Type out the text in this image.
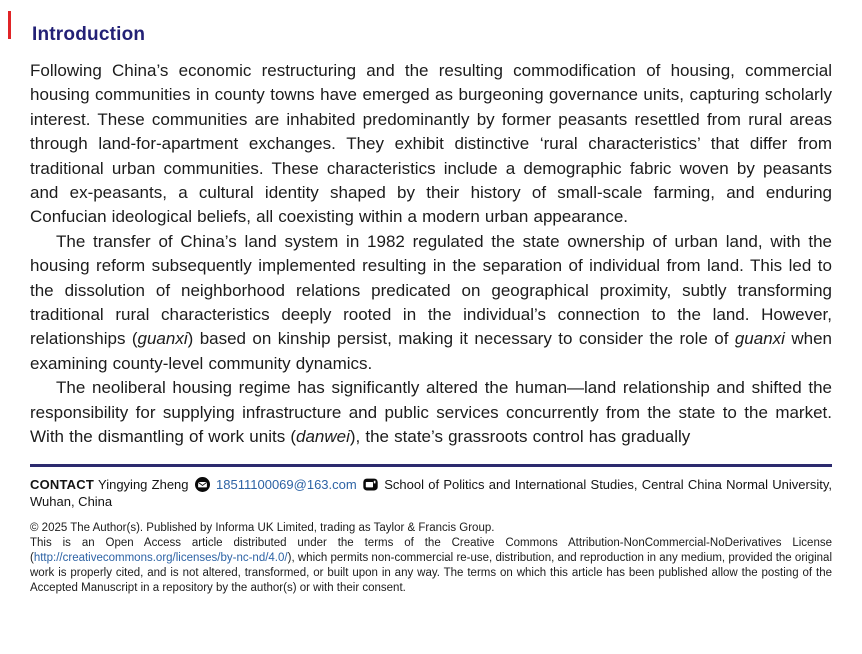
Introduction

Following China’s economic restructuring and the resulting commodification of housing, commercial housing communities in county towns have emerged as burgeoning governance units, capturing scholarly interest. These communities are inhabited predominantly by former peasants resettled from rural areas through land-for-apartment exchanges. They exhibit distinctive ‘rural characteristics’ that differ from traditional urban communities. These characteristics include a demographic fabric woven by peasants and ex-peasants, a cultural identity shaped by their history of small-scale farming, and enduring Confucian ideological beliefs, all coexisting within a modern urban appearance.

The transfer of China’s land system in 1982 regulated the state ownership of urban land, with the housing reform subsequently implemented resulting in the separation of individual from land. This led to the dissolution of neighborhood relations predicated on geographical proximity, subtly transforming traditional rural characteristics deeply rooted in the individual’s connection to the land. However, relationships (guanxi) based on kinship persist, making it necessary to consider the role of guanxi when examining county-level community dynamics.

The neoliberal housing regime has significantly altered the human—land relationship and shifted the responsibility for supplying infrastructure and public services concurrently from the state to the market. With the dismantling of work units (danwei), the state’s grassroots control has gradually

CONTACT Yingying Zheng 18511100069@163.com School of Politics and International Studies, Central China Normal University, Wuhan, China

© 2025 The Author(s). Published by Informa UK Limited, trading as Taylor & Francis Group.

This is an Open Access article distributed under the terms of the Creative Commons Attribution-NonCommercial-NoDerivatives License (http://creativecommons.org/licenses/by-nc-nd/4.0/), which permits non-commercial re-use, distribution, and reproduction in any medium, provided the original work is properly cited, and is not altered, transformed, or built upon in any way. The terms on which this article has been published allow the posting of the Accepted Manuscript in a repository by the author(s) or with their consent.
